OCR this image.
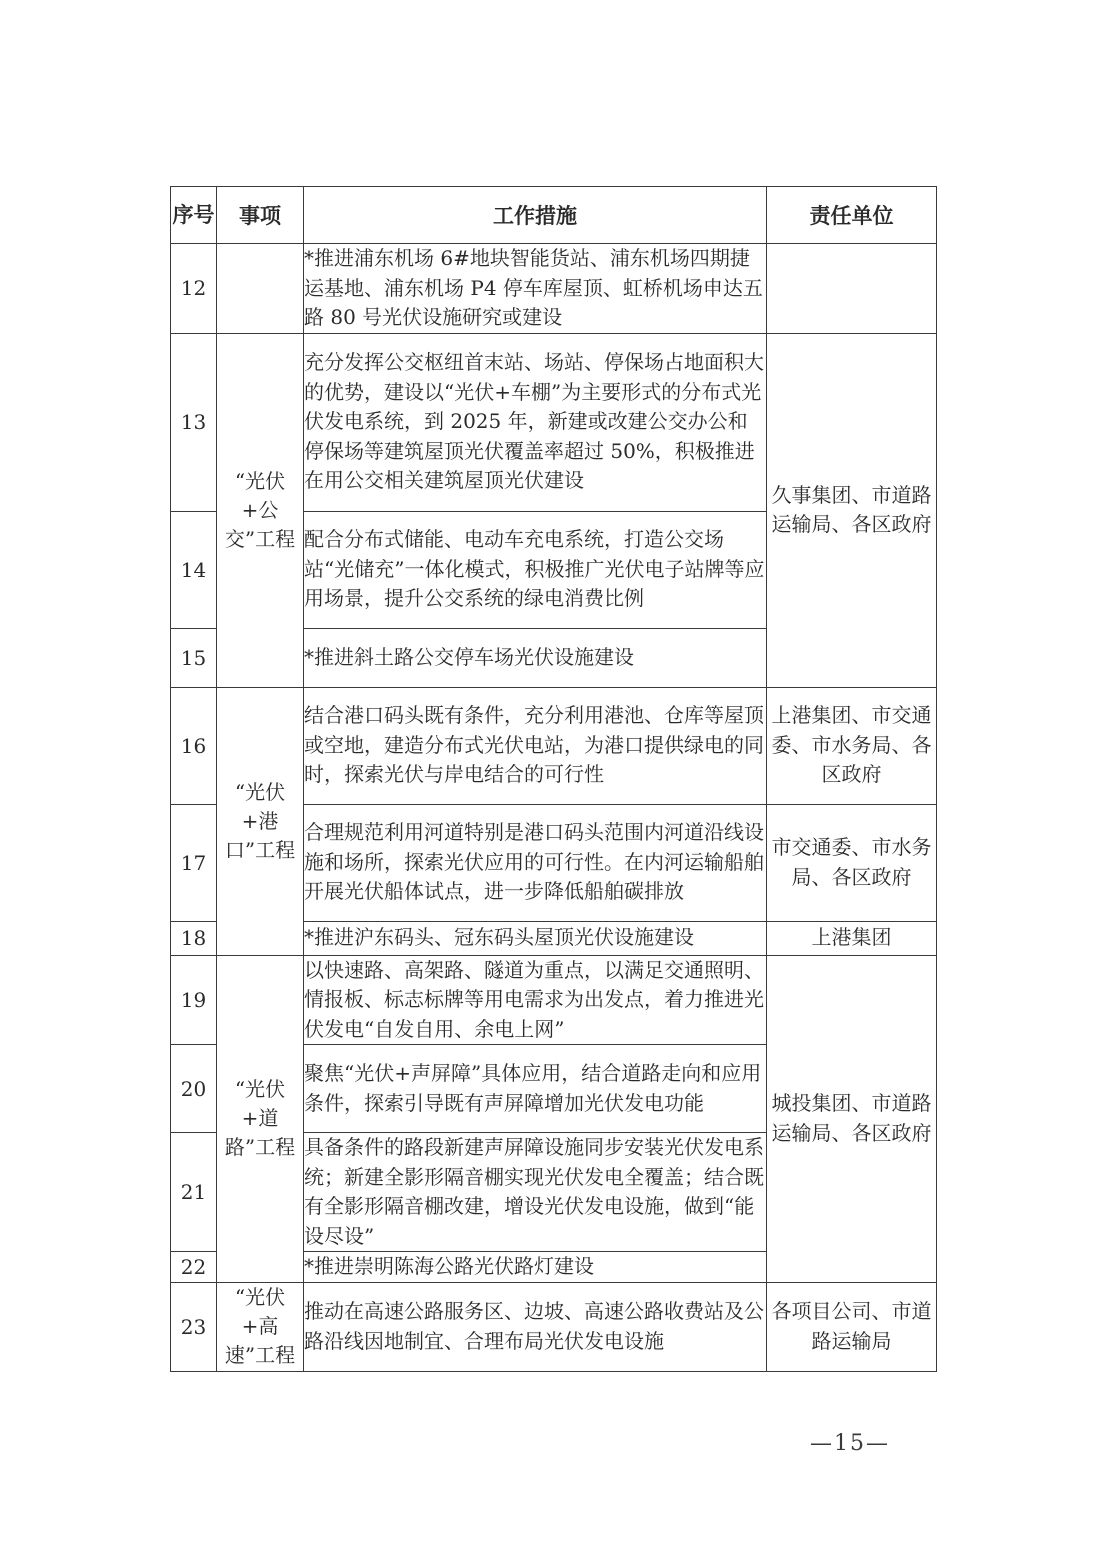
序号	事项	工作措施	责任单位
12		*推进浦东机场 6#地块智能货站、浦东机场四期捷运基地、浦东机场 P4 停车库屋顶、虹桥机场申达五路 80 号光伏设施研究或建设	
13	“光伏+公交”工程	充分发挥公交枢纽首末站、场站、停保场占地面积大的优势，建设以“光伏+车棚”为主要形式的分布式光伏发电系统，到 2025 年，新建或改建公交办公和停保场等建筑屋顶光伏覆盖率超过 50%，积极推进在用公交相关建筑屋顶光伏建设	久事集团、市道路运输局、各区政府
14		配合分布式储能、电动车充电系统，打造公交场站“光储充”一体化模式，积极推广光伏电子站牌等应用场景，提升公交系统的绿电消费比例	
15		*推进斜土路公交停车场光伏设施建设	
16	“光伏+港口”工程	结合港口码头既有条件，充分利用港池、仓库等屋顶或空地，建造分布式光伏电站，为港口提供绿电的同时，探索光伏与岸电结合的可行性	上港集团、市交通委、市水务局、各区政府
17		合理规范利用河道特别是港口码头范围内河道沿线设施和场所，探索光伏应用的可行性。在内河运输船舶开展光伏船体试点，进一步降低船舶碳排放	市交通委、市水务局、各区政府
18		*推进沪东码头、冠东码头屋顶光伏设施建设	上港集团
19	“光伏+道路”工程	以快速路、高架路、隧道为重点，以满足交通照明、情报板、标志标牌等用电需求为出发点，着力推进光伏发电“自发自用、余电上网”	城投集团、市道路运输局、各区政府
20		聚焦“光伏+声屏障”具体应用，结合道路走向和应用条件，探索引导既有声屏障增加光伏发电功能	
21		具备条件的路段新建声屏障设施同步安装光伏发电系统；新建全影形隔音棚实现光伏发电全覆盖；结合既有全影形隔音棚改建，增设光伏发电设施，做到“能设尽设”	
22		*推进崇明陈海公路光伏路灯建设	
23	“光伏+高速”工程	推动在高速公路服务区、边坡、高速公路收费站及公路沿线因地制宜、合理布局光伏发电设施	各项目公司、市道路运输局
—15—
